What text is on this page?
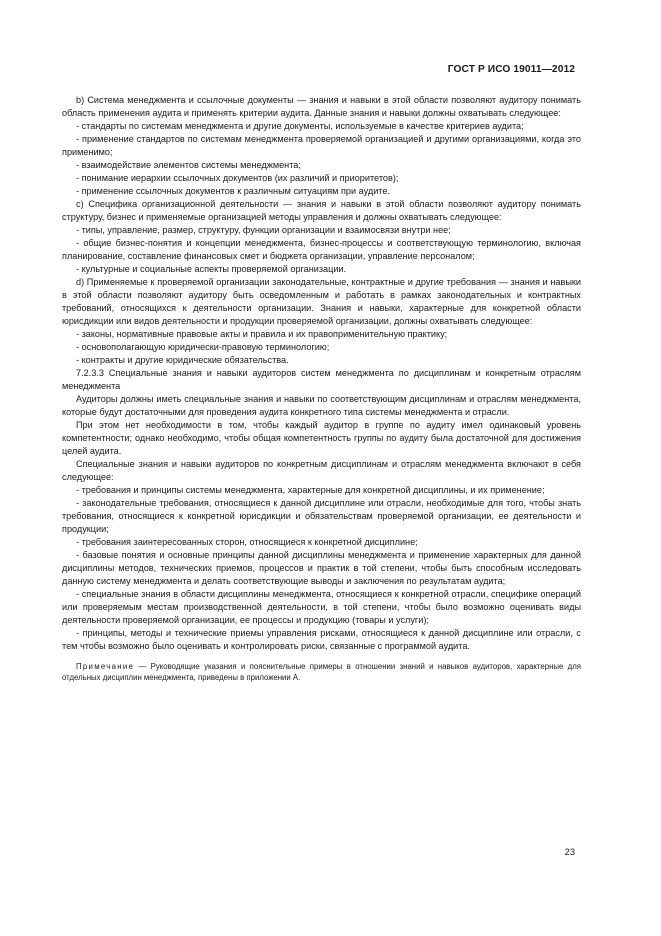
ГОСТ Р ИСО 19011—2012

b) Система менеджмента и ссылочные документы — знания и навыки в этой области позволяют аудитору понимать область применения аудита и применять критерии аудита. Данные знания и навыки должны охватывать следующее:

- стандарты по системам менеджмента и другие документы, используемые в качестве критериев аудита;

- применение стандартов по системам менеджмента проверяемой организацией и другими организациями, когда это применимо;

- взаимодействие элементов системы менеджмента;

- понимание иерархии ссылочных документов (их различий и приоритетов);

- применение ссылочных документов к различным ситуациям при аудите.

c) Специфика организационной деятельности — знания и навыки в этой области позволяют аудитору понимать структуру, бизнес и применяемые организацией методы управления и должны охватывать следующее:

- типы, управление, размер, структуру, функции организации и взаимосвязи внутри нее;

- общие бизнес-понятия и концепции менеджмента, бизнес-процессы и соответствующую терминологию, включая планирование, составление финансовых смет и бюджета организации, управление персоналом;

- культурные и социальные аспекты проверяемой организации.

d) Применяемые к проверяемой организации законодательные, контрактные и другие требования — знания и навыки в этой области позволяют аудитору быть осведомленным и работать в рамках законодательных и контрактных требований, относящихся к деятельности организации. Знания и навыки, характерные для конкретной области юрисдикции или видов деятельности и продукции проверяемой организации, должны охватывать следующее:

- законы, нормативные правовые акты и правила и их правоприменительную практику;

- основополагающую юридически-правовую терминологию;

- контракты и другие юридические обязательства.

7.2.3.3 Специальные знания и навыки аудиторов систем менеджмента по дисциплинам и конкретным отраслям менеджмента

Аудиторы должны иметь специальные знания и навыки по соответствующим дисциплинам и отраслям менеджмента, которые будут достаточными для проведения аудита конкретного типа системы менеджмента и отрасли.

При этом нет необходимости в том, чтобы каждый аудитор в группе по аудиту имел одинаковый уровень компетентности; однако необходимо, чтобы общая компетентность группы по аудиту была достаточной для достижения целей аудита.

Специальные знания и навыки аудиторов по конкретным дисциплинам и отраслям менеджмента включают в себя следующее:

- требования и принципы системы менеджмента, характерные для конкретной дисциплины, и их применение;

- законодательные требования, относящиеся к данной дисциплине или отрасли, необходимые для того, чтобы знать требования, относящиеся к конкретной юрисдикции и обязательствам проверяемой организации, ее деятельности и продукции;

- требования заинтересованных сторон, относящиеся к конкретной дисциплине;

- базовые понятия и основные принципы данной дисциплины менеджмента и применение характерных для данной дисциплины методов, технических приемов, процессов и практик в той степени, чтобы быть способным исследовать данную систему менеджмента и делать соответствующие выводы и заключения по результатам аудита;

- специальные знания в области дисциплины менеджмента, относящиеся к конкретной отрасли, специфике операций или проверяемым местам производственной деятельности, в той степени, чтобы было возможно оценивать виды деятельности проверяемой организации, ее процессы и продукцию (товары и услуги);

- принципы, методы и технические приемы управления рисками, относящиеся к данной дисциплине или отрасли, с тем чтобы возможно было оценивать и контролировать риски, связанные с программой аудита.

Примечание — Руководящие указания и пояснительные примеры в отношении знаний и навыков аудиторов, характерные для отдельных дисциплин менеджмента, приведены в приложении А.
23
